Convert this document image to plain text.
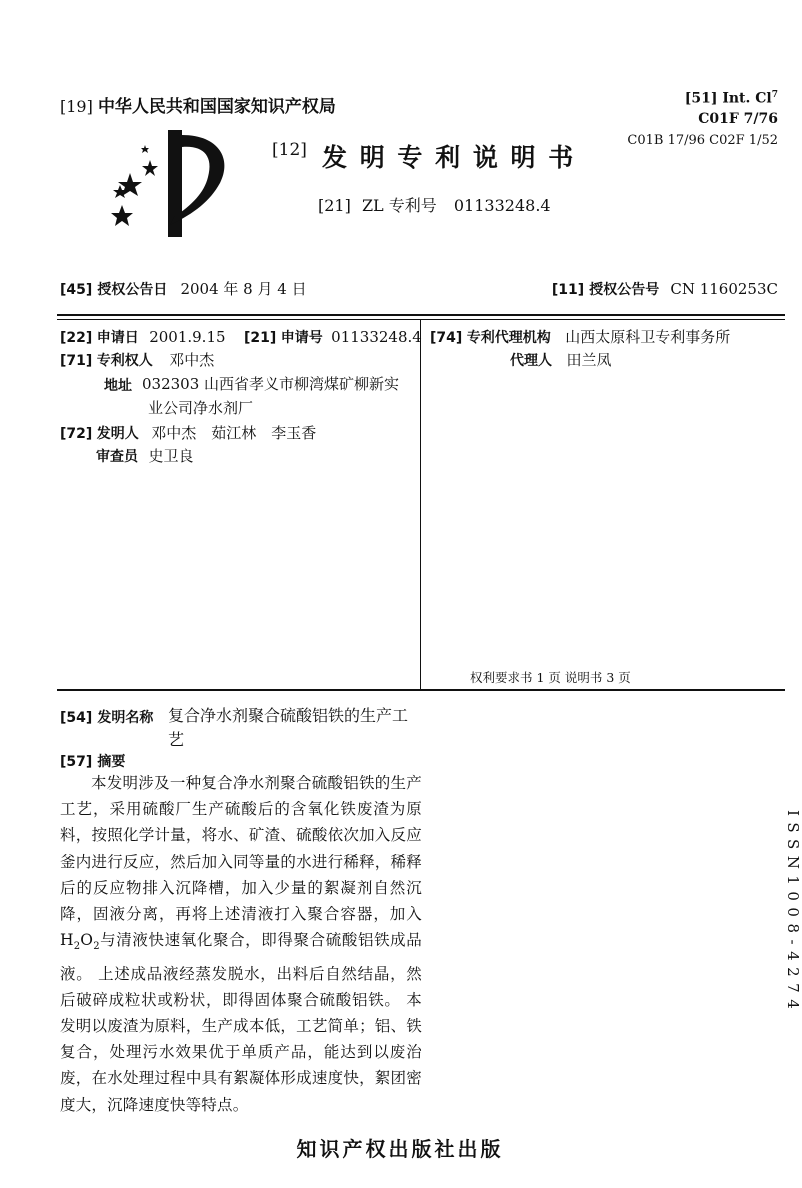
[19] 中华人民共和国国家知识产权局	[51] Int. Cl$^7$
C01F 7/76
C01B 17/96 C02F 1/52
[12] 发 明 专 利 说 明 书
[21] ZL 专利号 01133248.4
[45] 授权公告日 2004 年 8 月 4 日	[11] 授权公告号 CN 1160253C
[22] 申请日 2001.9.15 [21] 申请号 01133248.4
[71] 专利权人 邓中杰
地址 032303 山西省孝义市柳湾煤矿柳新实
业公司净水剂厂
[72] 发明人 邓中杰　茹江林　李玉香
审查员 史卫良
[74] 专利代理机构 山西太原科卫专利事务所
代理人 田兰凤
权利要求书 1 页 说明书 3 页
[54] 发明名称 复合净水剂聚合硫酸铝铁的生产工
艺
[57] 摘要
本发明涉及一种复合净水剂聚合硫酸铝铁的生产工艺，采用硫酸厂生产硫酸后的含氧化铁废渣为原料，按照化学计量，将水、矿渣、硫酸依次加入反应釜内进行反应，然后加入同等量的水进行稀释，稀释后的反应物排入沉降槽，加入少量的絮凝剂自然沉降，固液分离，再将上述清液打入聚合容器，加入 $H_2O_2$与清液快速氧化聚合，即得聚合硫酸铝铁成品液。 上述成品液经蒸发脱水，出料后自然结晶，然后破碎成粒状或粉状，即得固体聚合硫酸铝铁。 本发明以废渣为原料，生产成本低，工艺简单；铝、铁复合，处理污水效果优于单质产品，能达到以废治废，在水处理过程中具有絮凝体形成速度快，絮团密度大，沉降速度快等特点。
ISSN1008-4274
知识产权出版社出版
